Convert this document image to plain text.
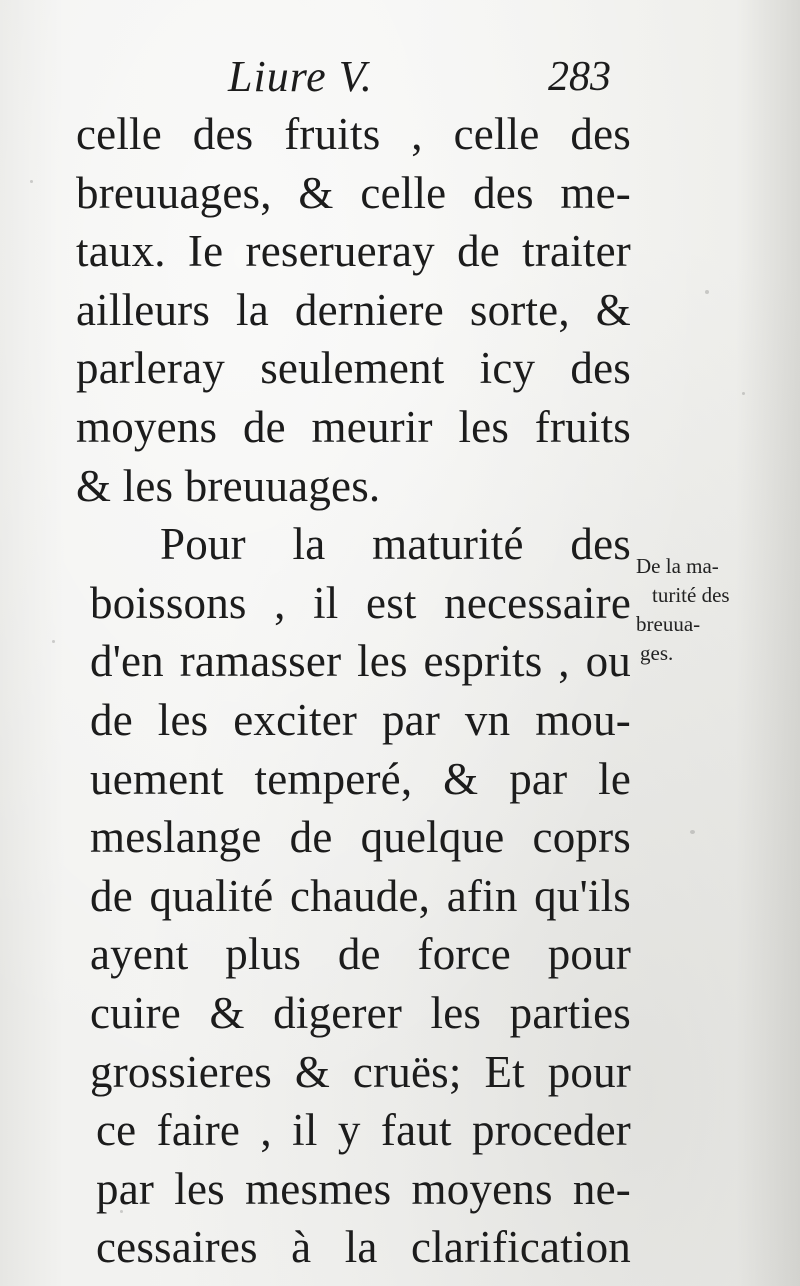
Liure V.	283
celle des fruits , celle des
breuuages, & celle des me-
taux. Ie reserueray de traiter
ailleurs la derniere sorte, &
parleray seulement icy des
moyens de meurir les fruits
& les breuuages.
Pour la maturité des
boissons , il est necessaire
d'en ramasser les esprits , ou
de les exciter par vn mou-
uement temperé, & par le
meslange de quelque coprs
de qualité chaude, afin qu'ils
ayent plus de force pour
cuire & digerer les parties
grossieres & cruës; Et pour
ce faire , il y faut proceder
par les mesmes moyens ne-
cessaires à la clarification
De la ma-
turité des
breuua-
ges.
